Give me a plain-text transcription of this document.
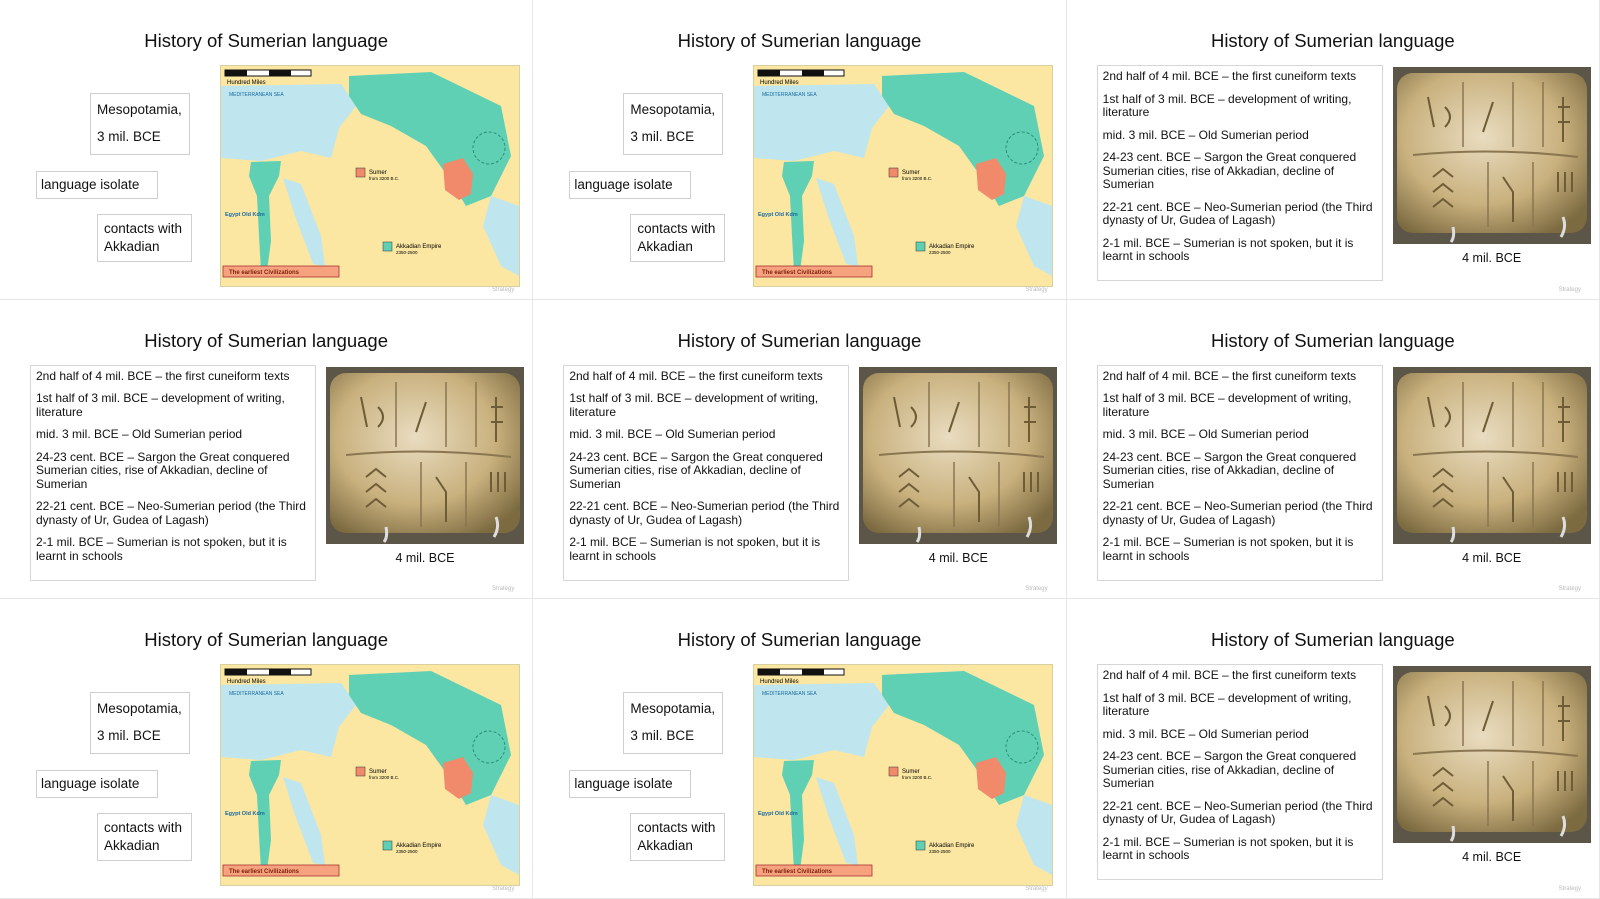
History of Sumerian language
Mesopotamia,
3 mil. BCE
language isolate
contacts with
Akkadian
Hundred Miles
MEDITERRANEAN SEA
Sumer
from 3200 B.C.
Akkadian Empire
2350-2500
Egypt Old Kdm
The earliest Civilizations
Strategy
History of Sumerian language
Mesopotamia,
3 mil. BCE
language isolate
contacts with
Akkadian
Hundred Miles
MEDITERRANEAN SEA
Sumer
from 3200 B.C.
Akkadian Empire
2350-2500
Egypt Old Kdm
The earliest Civilizations
Strategy
History of Sumerian language
2nd half of 4 mil. BCE – the first cuneiform texts
1st half of 3 mil. BCE – development of writing, literature
mid. 3 mil. BCE – Old Sumerian period
24-23 cent. BCE – Sargon the Great conquered Sumerian cities, rise of Akkadian, decline of Sumerian
22-21 cent. BCE – Neo-Sumerian period (the Third dynasty of Ur, Gudea of Lagash)
2-1 mil. BCE – Sumerian is not spoken, but it is learnt in schools	4 mil. BCE
Strategy
History of Sumerian language
2nd half of 4 mil. BCE – the first cuneiform texts
1st half of 3 mil. BCE – development of writing, literature
mid. 3 mil. BCE – Old Sumerian period
24-23 cent. BCE – Sargon the Great conquered Sumerian cities, rise of Akkadian, decline of Sumerian
22-21 cent. BCE – Neo-Sumerian period (the Third dynasty of Ur, Gudea of Lagash)
2-1 mil. BCE – Sumerian is not spoken, but it is learnt in schools	4 mil. BCE
Strategy
History of Sumerian language
2nd half of 4 mil. BCE – the first cuneiform texts
1st half of 3 mil. BCE – development of writing, literature
mid. 3 mil. BCE – Old Sumerian period
24-23 cent. BCE – Sargon the Great conquered Sumerian cities, rise of Akkadian, decline of Sumerian
22-21 cent. BCE – Neo-Sumerian period (the Third dynasty of Ur, Gudea of Lagash)
2-1 mil. BCE – Sumerian is not spoken, but it is learnt in schools	4 mil. BCE
Strategy
History of Sumerian language
2nd half of 4 mil. BCE – the first cuneiform texts
1st half of 3 mil. BCE – development of writing, literature
mid. 3 mil. BCE – Old Sumerian period
24-23 cent. BCE – Sargon the Great conquered Sumerian cities, rise of Akkadian, decline of Sumerian
22-21 cent. BCE – Neo-Sumerian period (the Third dynasty of Ur, Gudea of Lagash)
2-1 mil. BCE – Sumerian is not spoken, but it is learnt in schools	4 mil. BCE
Strategy
History of Sumerian language
Mesopotamia,
3 mil. BCE
language isolate
contacts with
Akkadian
Hundred Miles
MEDITERRANEAN SEA
Sumer
from 3200 B.C.
Akkadian Empire
2350-2500
Egypt Old Kdm
The earliest Civilizations
Strategy
History of Sumerian language
Mesopotamia,
3 mil. BCE
language isolate
contacts with
Akkadian
Hundred Miles
MEDITERRANEAN SEA
Sumer
from 3200 B.C.
Akkadian Empire
2350-2500
Egypt Old Kdm
The earliest Civilizations
Strategy
History of Sumerian language
2nd half of 4 mil. BCE – the first cuneiform texts
1st half of 3 mil. BCE – development of writing, literature
mid. 3 mil. BCE – Old Sumerian period
24-23 cent. BCE – Sargon the Great conquered Sumerian cities, rise of Akkadian, decline of Sumerian
22-21 cent. BCE – Neo-Sumerian period (the Third dynasty of Ur, Gudea of Lagash)
2-1 mil. BCE – Sumerian is not spoken, but it is learnt in schools	4 mil. BCE
Strategy
